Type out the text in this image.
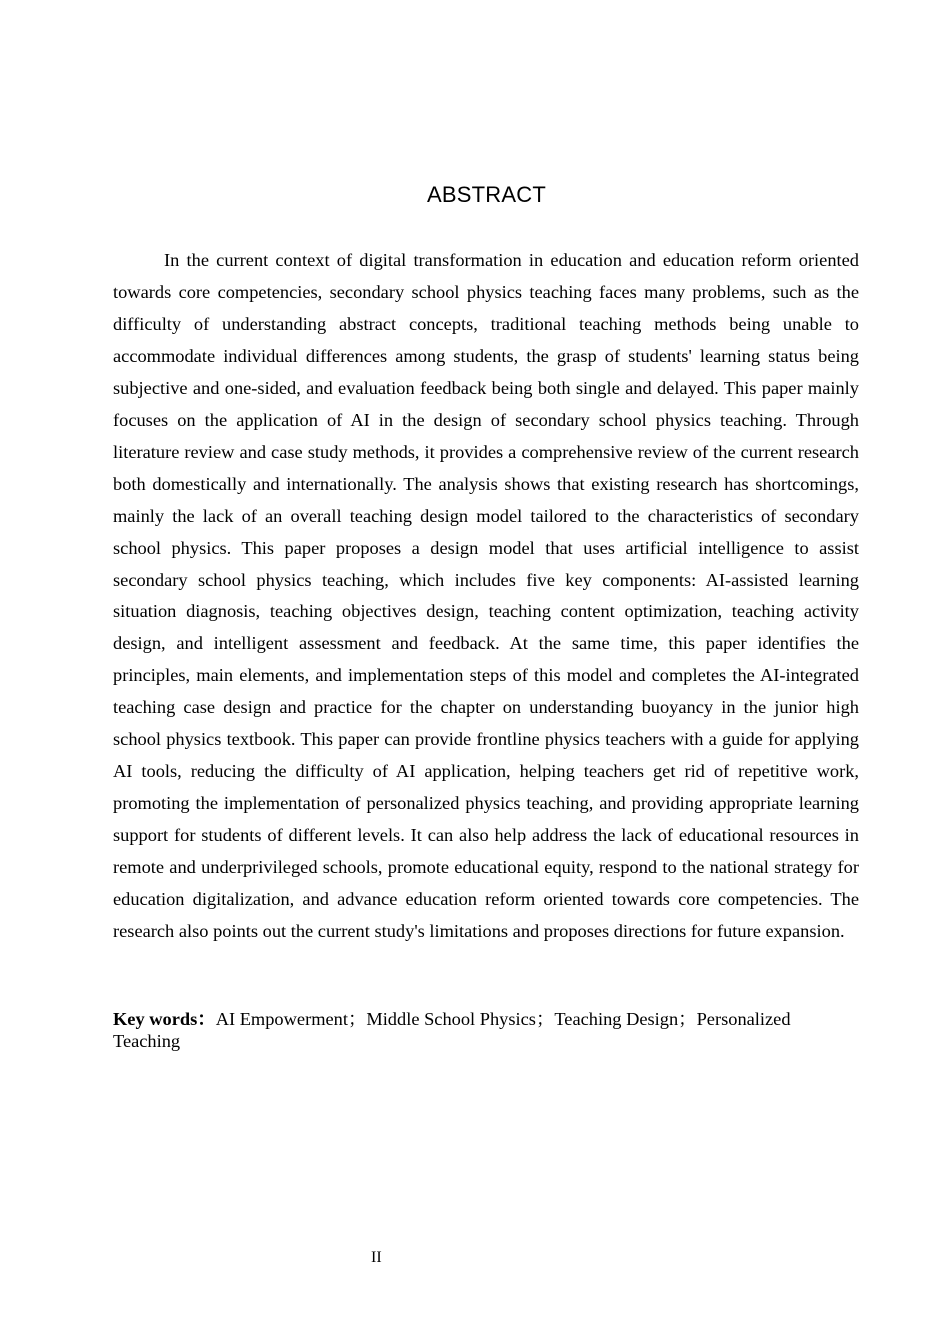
ABSTRACT

In the current context of digital transformation in education and education reform oriented towards core competencies, secondary school physics teaching faces many problems, such as the difficulty of understanding abstract concepts, traditional teaching methods being unable to accommodate individual differences among students, the grasp of students' learning status being subjective and one-sided, and evaluation feedback being both single and delayed. This paper mainly focuses on the application of AI in the design of secondary school physics teaching. Through literature review and case study methods, it provides a comprehensive review of the current research both domestically and internationally. The analysis shows that existing research has shortcomings, mainly the lack of an overall teaching design model tailored to the characteristics of secondary school physics. This paper proposes a design model that uses artificial intelligence to assist secondary school physics teaching, which includes five key components: AI-assisted learning situation diagnosis, teaching objectives design, teaching content optimization, teaching activity design, and intelligent assessment and feedback. At the same time, this paper identifies the principles, main elements, and implementation steps of this model and completes the AI-integrated teaching case design and practice for the chapter on understanding buoyancy in the junior high school physics textbook. This paper can provide frontline physics teachers with a guide for applying AI tools, reducing the difficulty of AI application, helping teachers get rid of repetitive work, promoting the implementation of personalized physics teaching, and providing appropriate learning support for students of different levels. It can also help address the lack of educational resources in remote and underprivileged schools, promote educational equity, respond to the national strategy for education digitalization, and advance education reform oriented towards core competencies. The research also points out the current study's limitations and proposes directions for future expansion.

Key words：AI Empowerment；Middle School Physics；Teaching Design；Personalized Teaching

II
